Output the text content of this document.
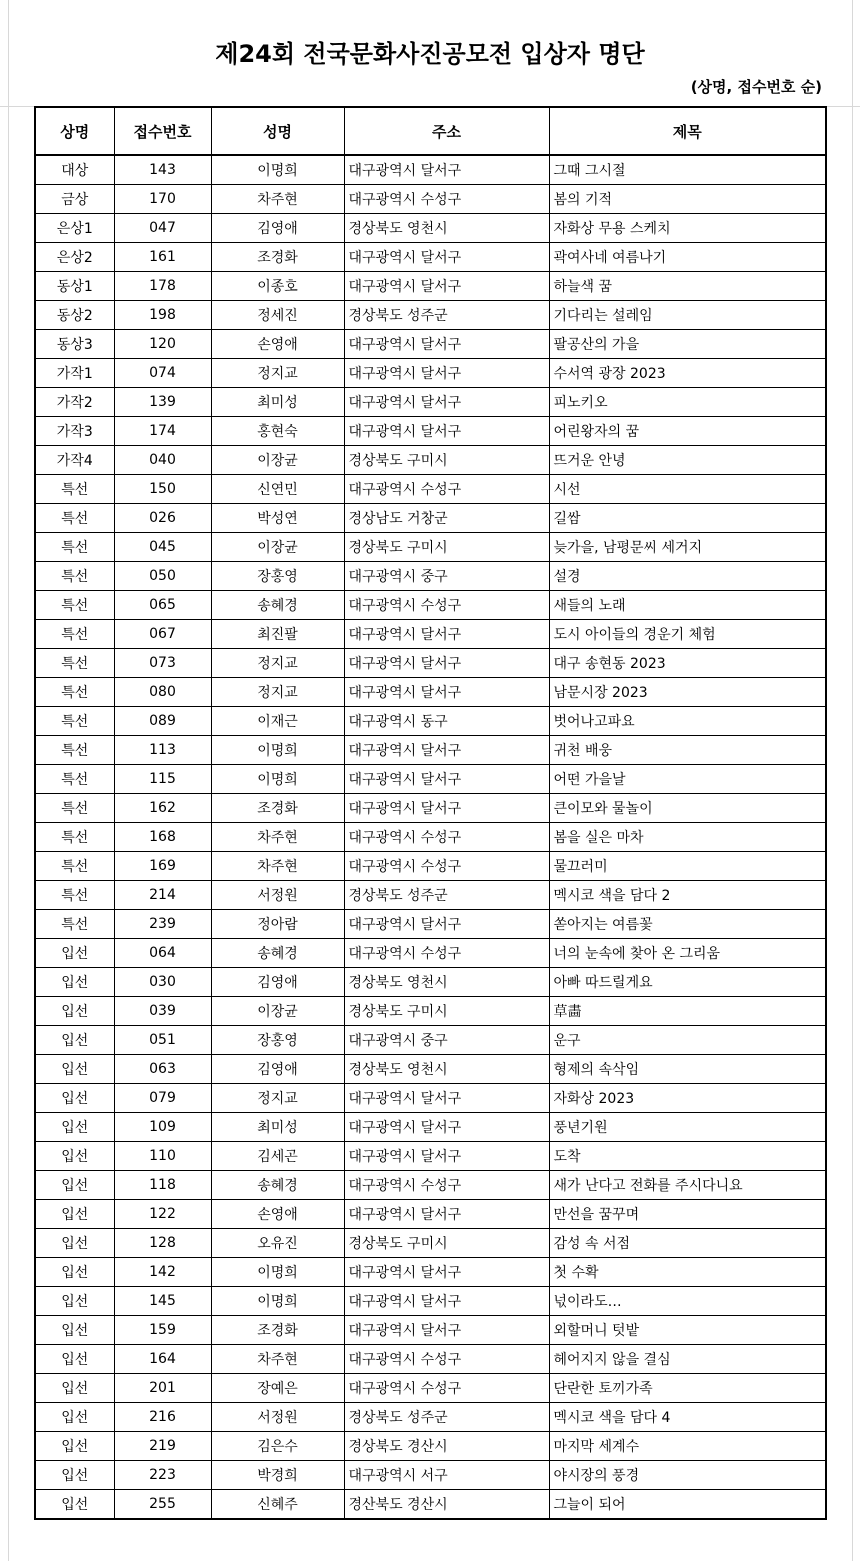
제24회 전국문화사진공모전 입상자 명단
(상명, 접수번호 순)
상명	접수번호	성명	주소	제목
대상	143	이명희	대구광역시 달서구	그때 그시절
금상	170	차주현	대구광역시 수성구	봄의 기적
은상1	047	김영애	경상북도 영천시	자화상 무용 스케치
은상2	161	조경화	대구광역시 달서구	곽여사네 여름나기
동상1	178	이종호	대구광역시 달서구	하늘색 꿈
동상2	198	정세진	경상북도 성주군	기다리는 설레임
동상3	120	손영애	대구광역시 달서구	팔공산의 가을
가작1	074	정지교	대구광역시 달서구	수서역 광장 2023
가작2	139	최미성	대구광역시 달서구	피노키오
가작3	174	홍현숙	대구광역시 달서구	어린왕자의 꿈
가작4	040	이장균	경상북도 구미시	뜨거운 안녕
특선	150	신연민	대구광역시 수성구	시선
특선	026	박성연	경상남도 거창군	길쌈
특선	045	이장균	경상북도 구미시	늦가을, 남평문씨 세거지
특선	050	장홍영	대구광역시 중구	설경
특선	065	송혜경	대구광역시 수성구	새들의 노래
특선	067	최진팔	대구광역시 달서구	도시 아이들의 경운기 체험
특선	073	정지교	대구광역시 달서구	대구 송현동 2023
특선	080	정지교	대구광역시 달서구	남문시장 2023
특선	089	이재근	대구광역시 동구	벗어나고파요
특선	113	이명희	대구광역시 달서구	귀천 배웅
특선	115	이명희	대구광역시 달서구	어떤 가을날
특선	162	조경화	대구광역시 달서구	큰이모와 물놀이
특선	168	차주현	대구광역시 수성구	봄을 실은 마차
특선	169	차주현	대구광역시 수성구	물끄러미
특선	214	서정원	경상북도 성주군	멕시코 색을 담다 2
특선	239	정아람	대구광역시 달서구	쏟아지는 여름꽃
입선	064	송혜경	대구광역시 수성구	너의 눈속에 찾아 온 그리움
입선	030	김영애	경상북도 영천시	아빠 따드릴게요
입선	039	이장균	경상북도 구미시	草畵
입선	051	장홍영	대구광역시 중구	운구
입선	063	김영애	경상북도 영천시	형제의 속삭임
입선	079	정지교	대구광역시 달서구	자화상 2023
입선	109	최미성	대구광역시 달서구	풍년기원
입선	110	김세곤	대구광역시 달서구	도착
입선	118	송혜경	대구광역시 수성구	새가 난다고 전화를 주시다니요
입선	122	손영애	대구광역시 달서구	만선을 꿈꾸며
입선	128	오유진	경상북도 구미시	감성 속 서점
입선	142	이명희	대구광역시 달서구	첫 수확
입선	145	이명희	대구광역시 달서구	넋이라도…
입선	159	조경화	대구광역시 달서구	외할머니 텃밭
입선	164	차주현	대구광역시 수성구	헤어지지 않을 결심
입선	201	장예은	대구광역시 수성구	단란한 토끼가족
입선	216	서정원	경상북도 성주군	멕시코 색을 담다 4
입선	219	김은수	경상북도 경산시	마지막 세계수
입선	223	박경희	대구광역시 서구	야시장의 풍경
입선	255	신혜주	경산북도 경산시	그늘이 되어
